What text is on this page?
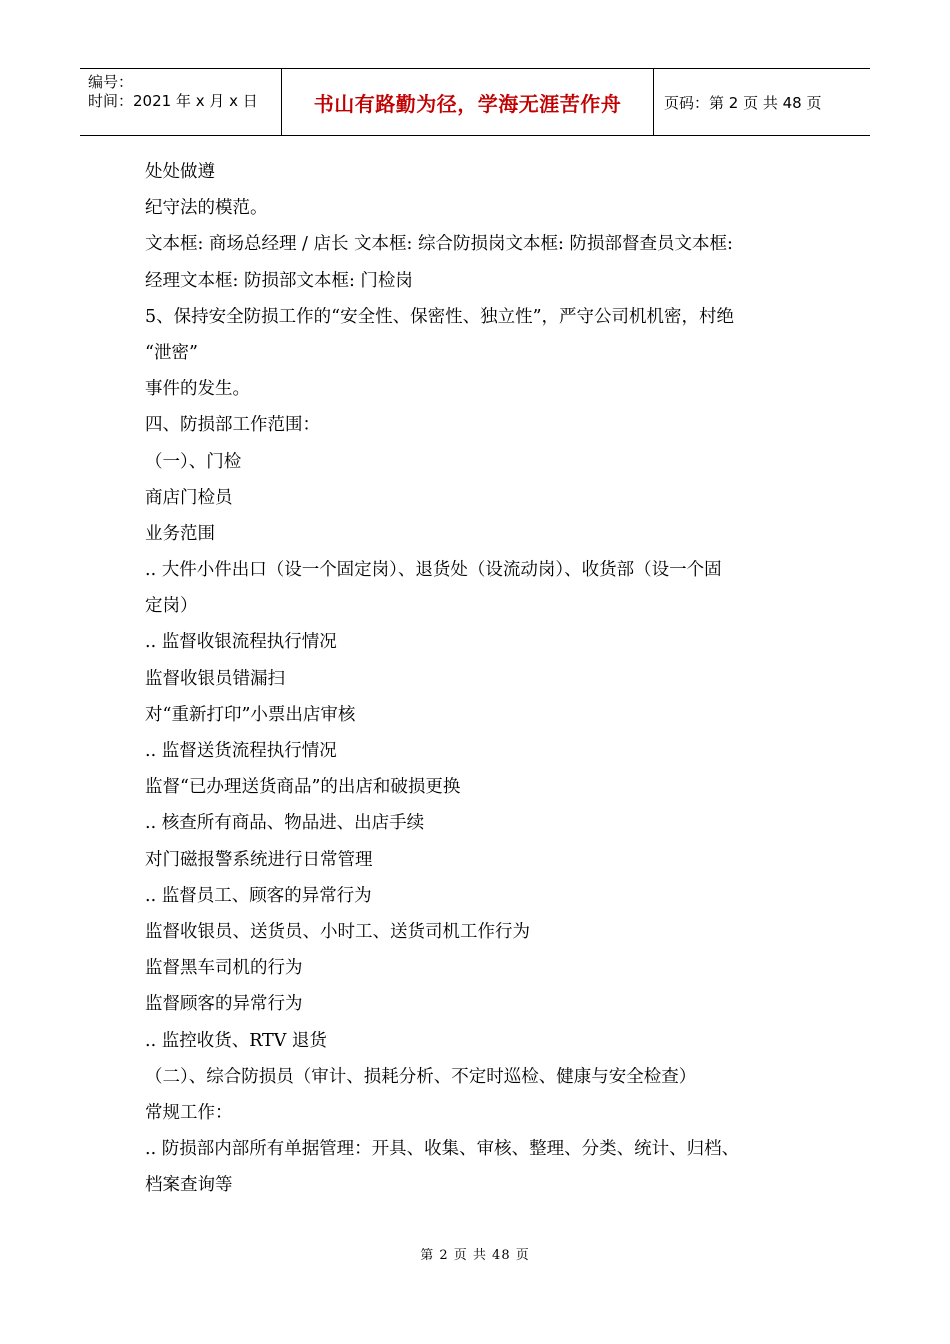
编号：
时间：2021 年 x 月 x 日	书山有路勤为径，学海无涯苦作舟	页码：第 2 页 共 48 页
处处做遵
纪守法的模范。
文本框: 商场总经理 / 店长 文本框: 综合防损岗文本框: 防损部督查员文本框:
经理文本框: 防损部文本框: 门检岗
5、保持安全防损工作的“安全性、保密性、独立性”，严守公司机机密，村绝
“泄密”
事件的发生。
四、防损部工作范围：
（一）、门检
商店门检员
业务范围
.. 大件小件出口（设一个固定岗）、退货处（设流动岗）、收货部（设一个固
定岗）
.. 监督收银流程执行情况
监督收银员错漏扫
对“重新打印”小票出店审核
.. 监督送货流程执行情况
监督“已办理送货商品”的出店和破损更换
.. 核查所有商品、物品进、出店手续
对门磁报警系统进行日常管理
.. 监督员工、顾客的异常行为
监督收银员、送货员、小时工、送货司机工作行为
监督黑车司机的行为
监督顾客的异常行为
.. 监控收货、RTV 退货
（二）、综合防损员（审计、损耗分析、不定时巡检、健康与安全检查）
常规工作：
.. 防损部内部所有单据管理：开具、收集、审核、整理、分类、统计、归档、
档案查询等
第 2 页 共 48 页
